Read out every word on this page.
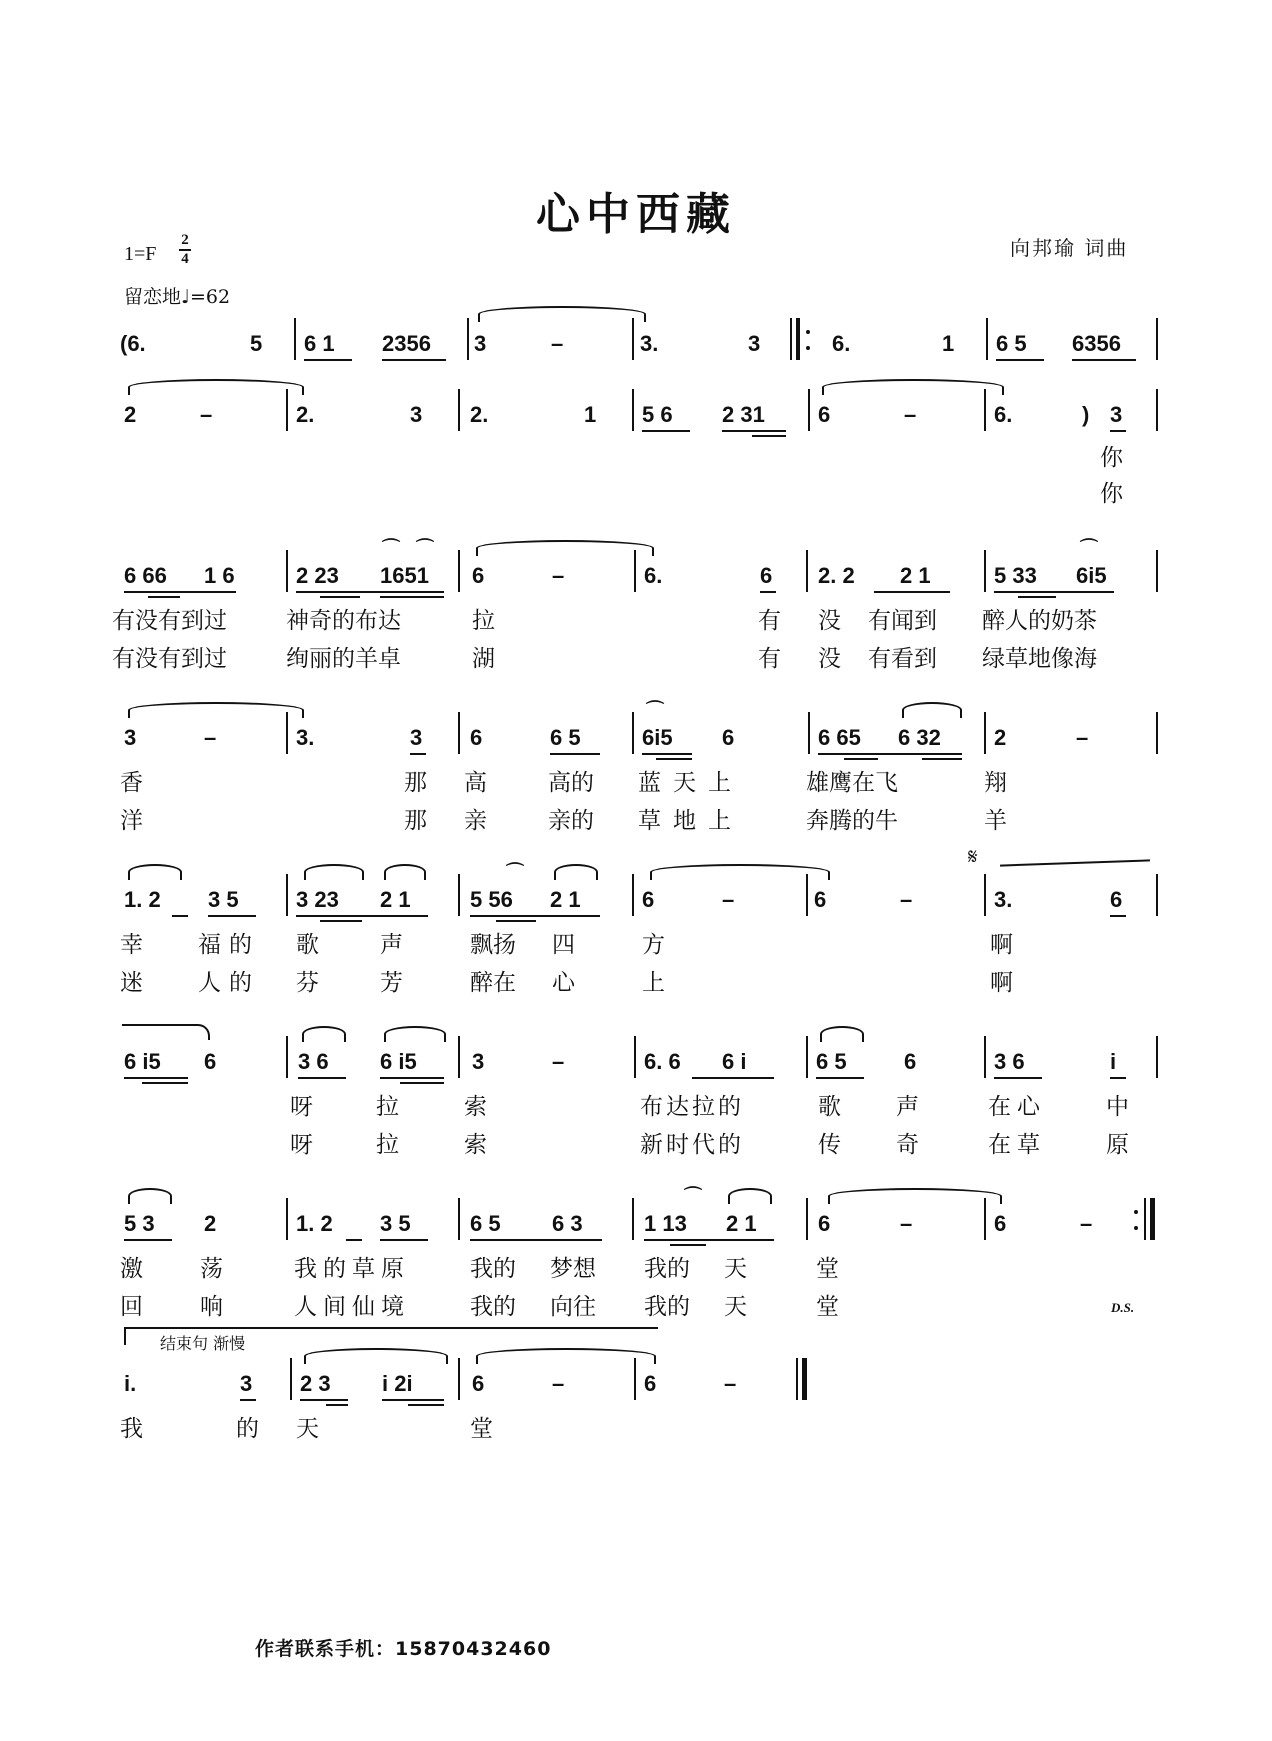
心中西藏
向邦瑜 词曲
1=F
2
4
留恋地♩=62
(6.	5 6 1 2356 3	–	3.	3	6.	1 6 5 6356
2	–	2.	3 2.	1 5 6 2 31 6	–	6.	) 3
你
你
6 66 1 6	2 23 1651
⌒ ⌒
6	–	6.	6 2. 2 2 1	5 33 6i5
⌒
有没有到过	神奇的布达	拉	有 没 有闻到 醉人的奶茶
有没有到过	绚丽的羊卓	湖	有 没 有看到 绿草地像海
3	–	3.	3 6	6 5	6i5
⌒
6	6 65 6 32 2	–
香	那 高	高的 蓝天上	雄鹰在飞	翔
洋	那 亲	亲的 草地上	奔腾的牛	羊
1. 2 3 5	3 23 2 1	5 56 2 1
⌒
6	–	6	–	3.	6
幸 福的 歌	声	飘扬 四	方	啊
迷 人的 芬	芳	醉在 心	上	啊
𝄋
6 i5 6	3 6 6 i5	3	–	6. 6 6 i	6 5	6	3 6	i
呀	拉	索	布达拉的	歌 声	在心	中
呀	拉	索	新时代的	传 奇	在草	原
5 3 2	1. 2 3 5	6 5 6 3	1 13 2 1
⌒
6	–	6	–
激 荡	我的草原	我的 梦想 我的 天	堂
回 响	人间仙境	我的 向往 我的 天	堂	D.S.
结束句 渐慢
i.	3 2 3 i 2i	6	–	6	–
我	的 天	堂
作者联系手机：15870432460
